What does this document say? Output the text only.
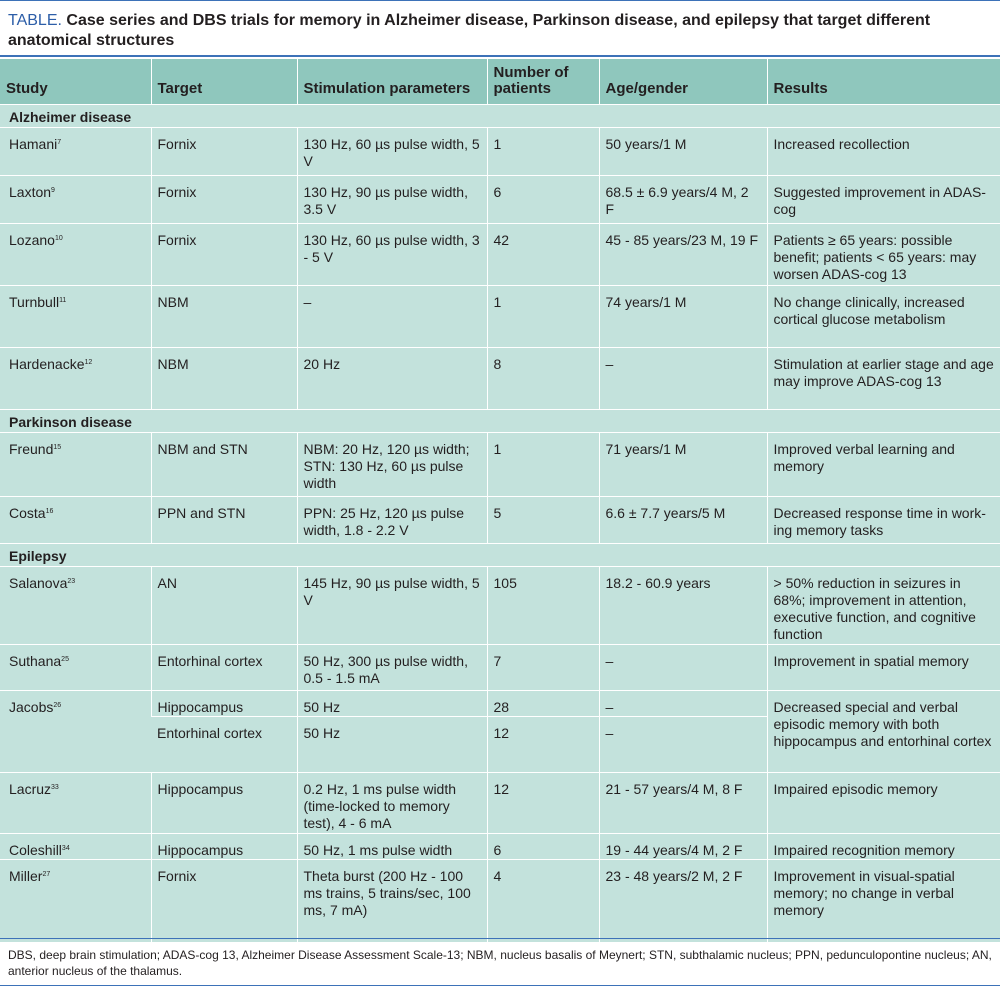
TABLE. Case series and DBS trials for memory in Alzheimer disease, Parkinson disease, and epilepsy that target different anatomical structures
Study	Target	Stimulation parameters	Number of patients	Age/gender	Results
Alzheimer disease					
Hamani$^7$	Fornix	130 Hz, 60 µs pulse width, 5 V	1	50 years/1 M	Increased recollection
Laxton$^9$	Fornix	130 Hz, 90 µs pulse width, 3.5 V	6	68.5 ± 6.9 years/4 M, 2 F	Suggested improvement in ADAS-cog
Lozano$^{10}$	Fornix	130 Hz, 60 µs pulse width, 3 - 5 V	42	45 - 85 years/23 M, 19 F	Patients ≥ 65 years: possible benefit; patients < 65 years: may worsen ADAS-cog 13
Turnbull$^{11}$	NBM	–	1	74 years/1 M	No change clinically, increased cortical glucose metabolism
Hardenacke$^{12}$	NBM	20 Hz	8	–	Stimulation at earlier stage and age may improve ADAS-cog 13
Parkinson disease					
Freund$^{15}$	NBM and STN	NBM: 20 Hz, 120 µs width; STN: 130 Hz, 60 µs pulse width	1	71 years/1 M	Improved verbal learning and memory
Costa$^{16}$	PPN and STN	PPN: 25 Hz, 120 µs pulse width, 1.8 - 2.2 V	5	6.6 ± 7.7 years/5 M	Decreased response time in work-ing memory tasks
Epilepsy					
Salanova$^{23}$	AN	145 Hz, 90 µs pulse width, 5 V	105	18.2 - 60.9 years	> 50% reduction in seizures in 68%; improvement in attention, executive function, and cognitive function
Suthana$^{25}$	Entorhinal cortex	50 Hz, 300 µs pulse width, 0.5 - 1.5 mA	7	–	Improvement in spatial memory
Jacobs$^{26}$	Hippocampus	50 Hz	28	–	Decreased special and verbal episodic memory with both hippocampus and entorhinal cortex
	Entorhinal cortex	50 Hz	12	–	
Lacruz$^{33}$	Hippocampus	0.2 Hz, 1 ms pulse width (time-locked to memory test), 4 - 6 mA	12	21 - 57 years/4 M, 8 F	Impaired episodic memory
Coleshill$^{34}$	Hippocampus	50 Hz, 1 ms pulse width	6	19 - 44 years/4 M, 2 F	Impaired recognition memory
Miller$^{27}$	Fornix	Theta burst (200 Hz - 100 ms trains, 5 trains/sec, 100 ms, 7 mA)	4	23 - 48 years/2 M, 2 F	Improvement in visual-spatial memory; no change in verbal memory
DBS, deep brain stimulation; ADAS-cog 13, Alzheimer Disease Assessment Scale-13; NBM, nucleus basalis of Meynert; STN, subthalamic nucleus; PPN, pedunculopontine nucleus; AN, anterior nucleus of the thalamus.
